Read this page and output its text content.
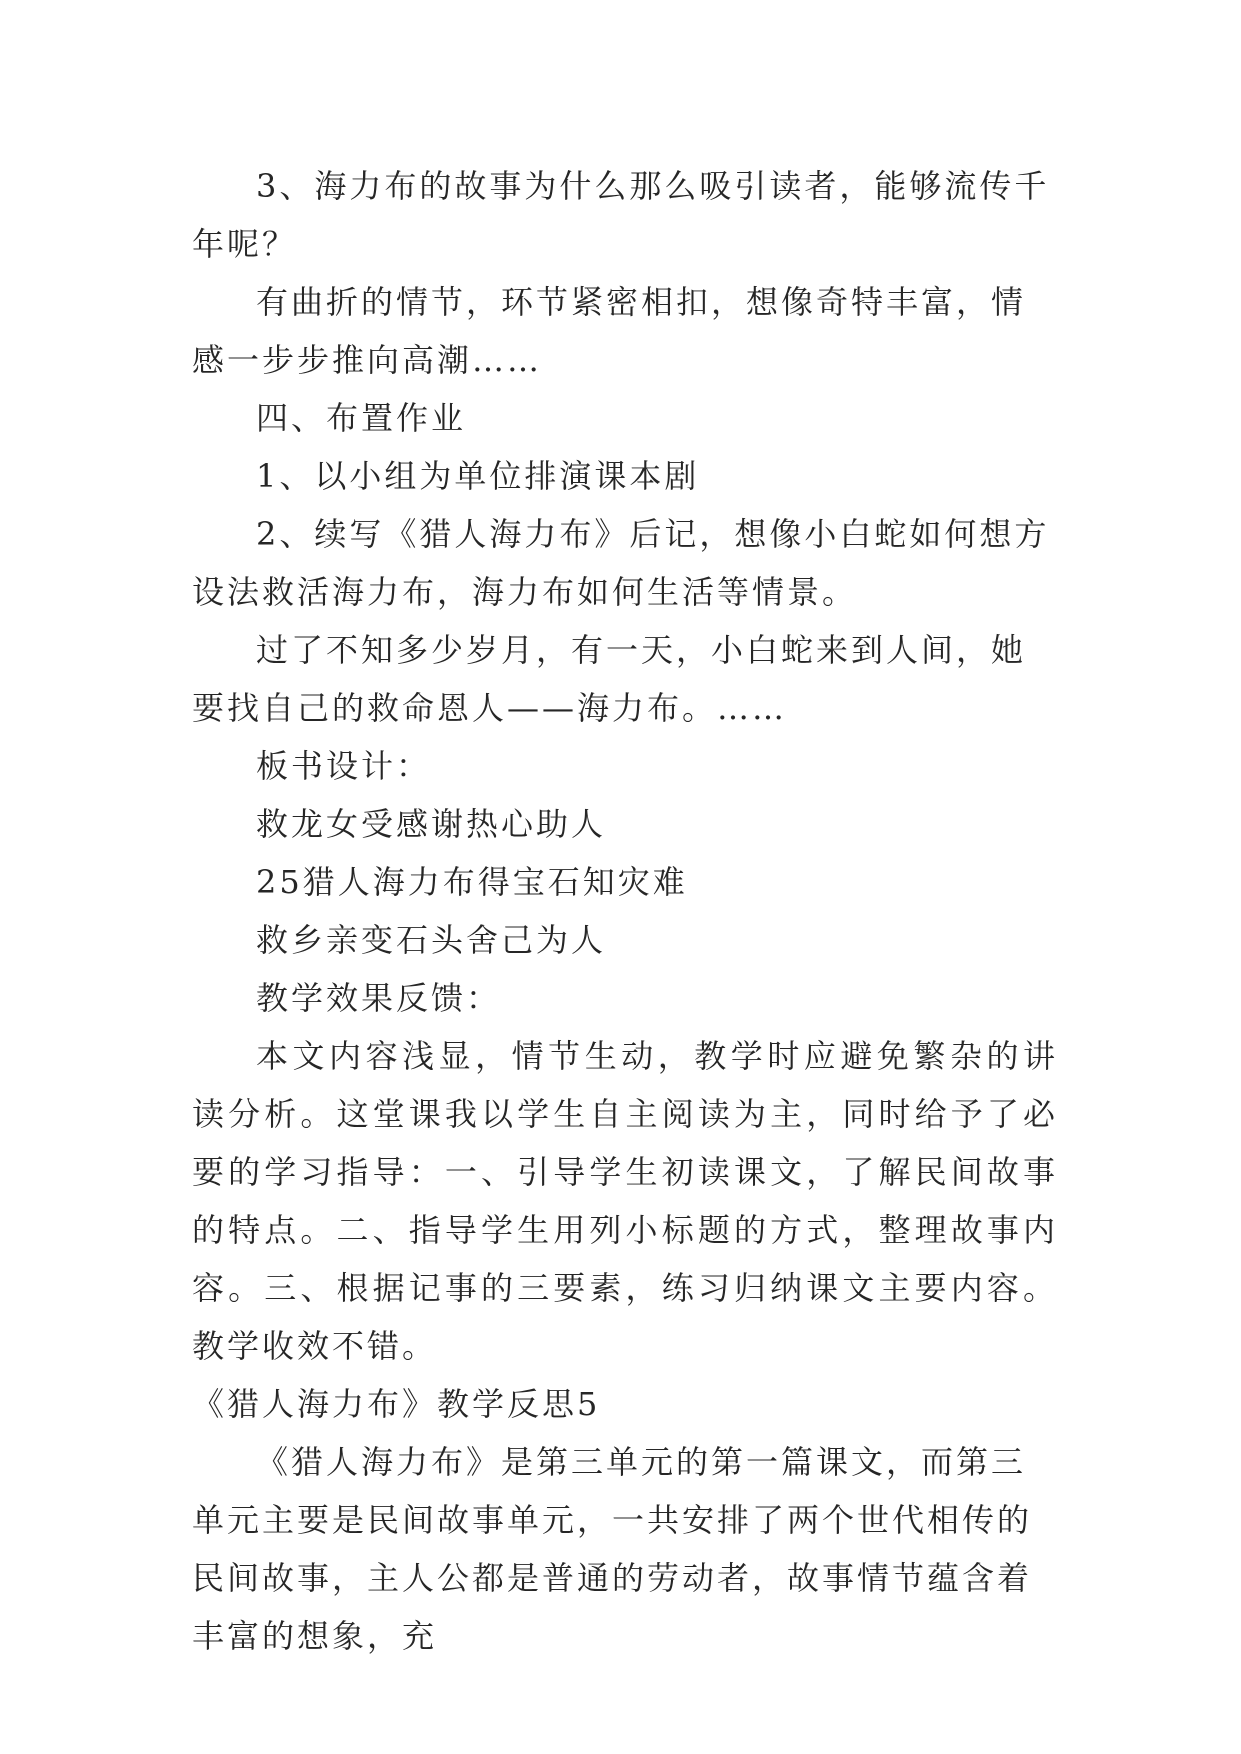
3、海力布的故事为什么那么吸引读者，能够流传千年呢？

有曲折的情节，环节紧密相扣，想像奇特丰富，情感一步步推向高潮……

四、布置作业

1、以小组为单位排演课本剧

2、续写《猎人海力布》后记，想像小白蛇如何想方设法救活海力布，海力布如何生活等情景。

过了不知多少岁月，有一天，小白蛇来到人间，她要找自己的救命恩人——海力布。……

板书设计：

救龙女受感谢热心助人

25猎人海力布得宝石知灾难

救乡亲变石头舍己为人

教学效果反馈：

本文内容浅显，情节生动，教学时应避免繁杂的讲读分析。这堂课我以学生自主阅读为主，同时给予了必要的学习指导：一、引导学生初读课文，了解民间故事的特点。二、指导学生用列小标题的方式，整理故事内容。三、根据记事的三要素，练习归纳课文主要内容。教学收效不错。

《猎人海力布》教学反思5

《猎人海力布》是第三单元的第一篇课文，而第三单元主要是民间故事单元，一共安排了两个世代相传的民间故事，主人公都是普通的劳动者，故事情节蕴含着丰富的想象，充
